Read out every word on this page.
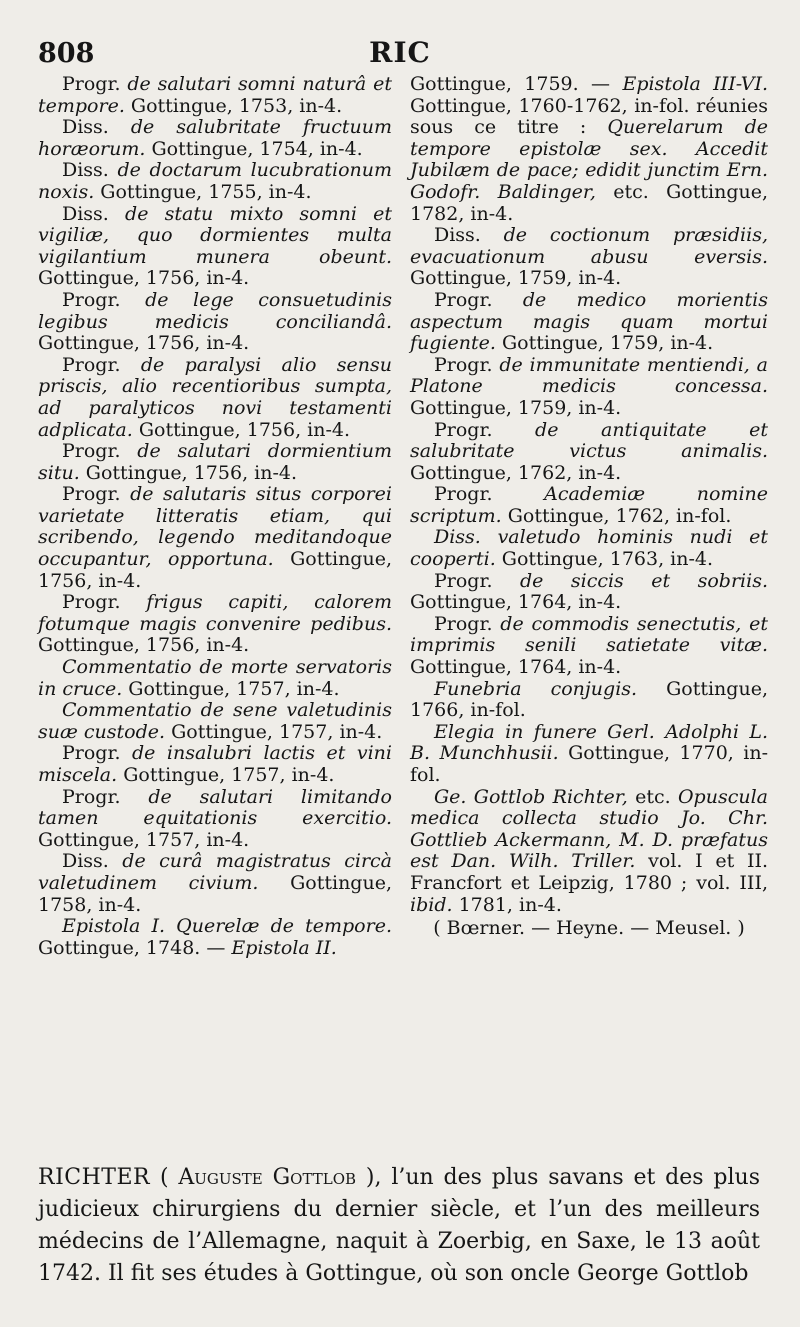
808	RIC

Progr. de salutari somni naturâ et tempore. Gottingue, 1753, in-4.

Diss. de salubritate fructuum horæorum. Gottingue, 1754, in-4.

Diss. de doctarum lucubrationum noxis. Gottingue, 1755, in-4.

Diss. de statu mixto somni et vigiliæ, quo dormientes multa vigilantium munera obeunt. Gottingue, 1756, in-4.

Progr. de lege consuetudinis legibus medicis conciliandâ. Gottingue, 1756, in-4.

Progr. de paralysi alio sensu priscis, alio recentioribus sumpta, ad paralyticos novi testamenti adplicata. Gottingue, 1756, in-4.

Progr. de salutari dormientium situ. Gottingue, 1756, in-4.

Progr. de salutaris situs corporei varietate litteratis etiam, qui scribendo, legendo meditandoque occupantur, opportuna. Gottingue, 1756, in-4.

Progr. frigus capiti, calorem fotumque magis convenire pedibus. Gottingue, 1756, in-4.

Commentatio de morte servatoris in cruce. Gottingue, 1757, in-4.

Commentatio de sene valetudinis suæ custode. Gottingue, 1757, in-4.

Progr. de insalubri lactis et vini miscela. Gottingue, 1757, in-4.

Progr. de salutari limitando tamen equitationis exercitio. Gottingue, 1757, in-4.

Diss. de curâ magistratus circà valetudinem civium. Gottingue, 1758, in-4.

Epistola I. Querelæ de tempore. Gottingue, 1748. — Epistola II.

Gottingue, 1759. — Epistola III-VI. Gottingue, 1760-1762, in-fol. réunies sous ce titre : Querelarum de tempore epistolæ sex. Accedit Jubilæm de pace; edidit junctim Ern. Godofr. Baldinger, etc. Gottingue, 1782, in-4.

Diss. de coctionum præsidiis, evacuationum abusu eversis. Gottingue, 1759, in-4.

Progr. de medico morientis aspectum magis quam mortui fugiente. Gottingue, 1759, in-4.

Progr. de immunitate mentiendi, a Platone medicis concessa. Gottingue, 1759, in-4.

Progr. de antiquitate et salubritate victus animalis. Gottingue, 1762, in-4.

Progr. Academiæ nomine scriptum. Gottingue, 1762, in-fol.

Diss. valetudo hominis nudi et cooperti. Gottingue, 1763, in-4.

Progr. de siccis et sobriis. Gottingue, 1764, in-4.

Progr. de commodis senectutis, et imprimis senili satietate vitæ. Gottingue, 1764, in-4.

Funebria conjugis. Gottingue, 1766, in-fol.

Elegia in funere Gerl. Adolphi L. B. Munchhusii. Gottingue, 1770, in-fol.

Ge. Gottlob Richter, etc. Opuscula medica collecta studio Jo. Chr. Gottlieb Ackermann, M. D. præfatus est Dan. Wilh. Triller. vol. I et II. Francfort et Leipzig, 1780 ; vol. III, ibid. 1781, in-4.

( Bœrner. — Heyne. — Meusel. )

RICHTER ( Auguste Gottlob ), l’un des plus savans et des plus judicieux chirurgiens du dernier siècle, et l’un des meilleurs médecins de l’Allemagne, naquit à Zoerbig, en Saxe, le 13 août 1742. Il fit ses études à Gottingue, où son oncle George Gottlob
